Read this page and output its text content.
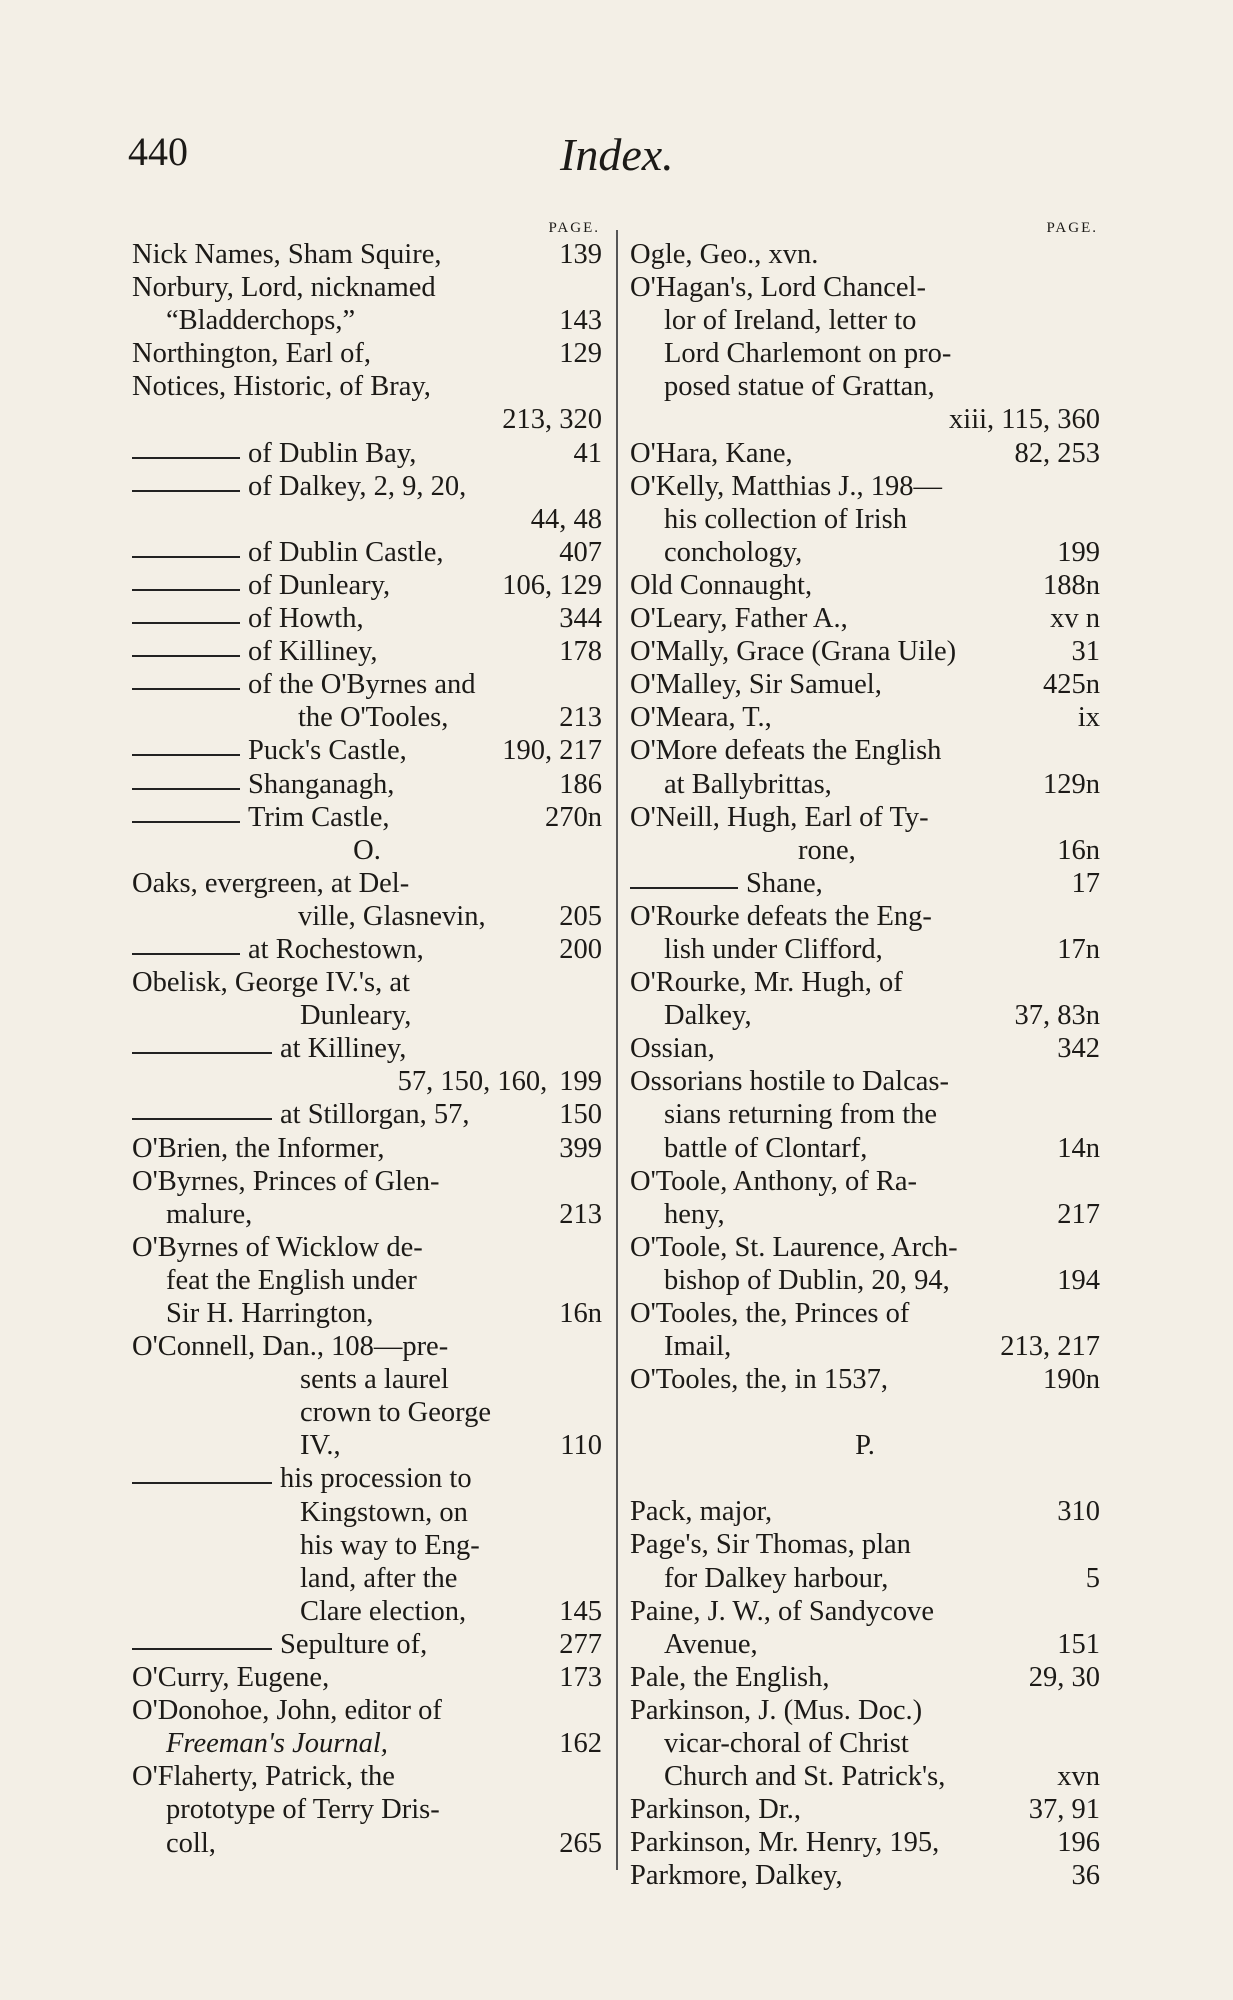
440	Index.
PAGE.
Nick Names, Sham Squire,	139
Norbury, Lord, nicknamed
“Bladderchops,”	143
Northington, Earl of,	129
Notices, Historic, of Bray,
213, 320
of Dublin Bay,	41
of Dalkey, 2, 9, 20,
44, 48
of Dublin Castle,	407
of Dunleary,	106, 129
of Howth,	344
of Killiney,	178
of the O'Byrnes and
the O'Tooles,	213
Puck's Castle,	190, 217
Shanganagh,	186
Trim Castle,	270n
O.
Oaks, evergreen, at Del-
ville, Glasnevin,	205
at Rochestown,	200
Obelisk, George IV.'s, at
Dunleary,
at Killiney,
57, 150, 160, 199
at Stillorgan, 57,	150
O'Brien, the Informer,	399
O'Byrnes, Princes of Glen-
malure,	213
O'Byrnes of Wicklow de-
feat the English under
Sir H. Harrington,	16n
O'Connell, Dan., 108—pre-
sents a laurel
crown to George
IV.,	110
his procession to
Kingstown, on
his way to Eng-
land, after the
Clare election,	145
Sepulture of,	277
O'Curry, Eugene,	173
O'Donohoe, John, editor of
Freeman's Journal,	162
O'Flaherty, Patrick, the
prototype of Terry Dris-
coll,	265
PAGE.
Ogle, Geo., xvn.
O'Hagan's, Lord Chancel-
lor of Ireland, letter to
Lord Charlemont on pro-
posed statue of Grattan,
xiii, 115, 360
O'Hara, Kane,	82, 253
O'Kelly, Matthias J., 198—
his collection of Irish
conchology,	199
Old Connaught,	188n
O'Leary, Father A.,	xv n
O'Mally, Grace (Grana Uile)	31
O'Malley, Sir Samuel,	425n
O'Meara, T.,	ix
O'More defeats the English
at Ballybrittas,	129n
O'Neill, Hugh, Earl of Ty-
rone,	16n
Shane,	17
O'Rourke defeats the Eng-
lish under Clifford,	17n
O'Rourke, Mr. Hugh, of
Dalkey,	37, 83n
Ossian,	342
Ossorians hostile to Dalcas-
sians returning from the
battle of Clontarf,	14n
O'Toole, Anthony, of Ra-
heny,	217
O'Toole, St. Laurence, Arch-
bishop of Dublin, 20, 94,	194
O'Tooles, the, Princes of
Imail,	213, 217
O'Tooles, the, in 1537,	190n
P.
Pack, major,	310
Page's, Sir Thomas, plan
for Dalkey harbour,	5
Paine, J. W., of Sandycove
Avenue,	151
Pale, the English,	29, 30
Parkinson, J. (Mus. Doc.)
vicar-choral of Christ
Church and St. Patrick's,	xvn
Parkinson, Dr.,	37, 91
Parkinson, Mr. Henry, 195,	196
Parkmore, Dalkey,	36
